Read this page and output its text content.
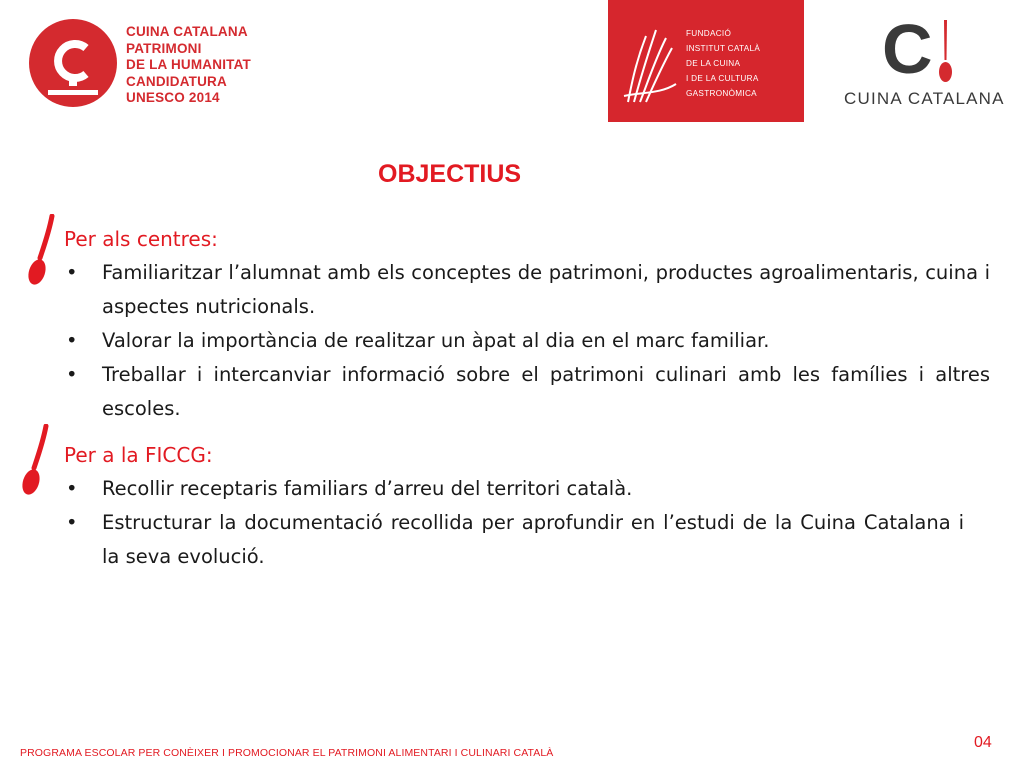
CUINA CATALANA
PATRIMONI
DE LA HUMANITAT
CANDIDATURA
UNESCO 2014
FUNDACIÓ
INSTITUT CATALÀ
DE LA CUINA
I DE LA CULTURA
GASTRONÒMICA
C
CUINA CATALANA
OBJECTIUS
Per als centres:
• Familiaritzar l’alumnat amb els conceptes de patrimoni, productes agroalimentaris, cuina i aspectes nutricionals.
• Valorar la importància de realitzar un àpat al dia en el marc familiar.
• Treballar i intercanviar informació sobre el patrimoni culinari amb les famílies i altres escoles.
Per a la FICCG:
• Recollir receptaris familiars d’arreu del territori català.
• Estructurar la documentació recollida per aprofundir en l’estudi de la Cuina Catalana i la seva evolució.
PROGRAMA ESCOLAR PER CONÈIXER I PROMOCIONAR EL PATRIMONI ALIMENTARI I CULINARI CATALÀ
04
